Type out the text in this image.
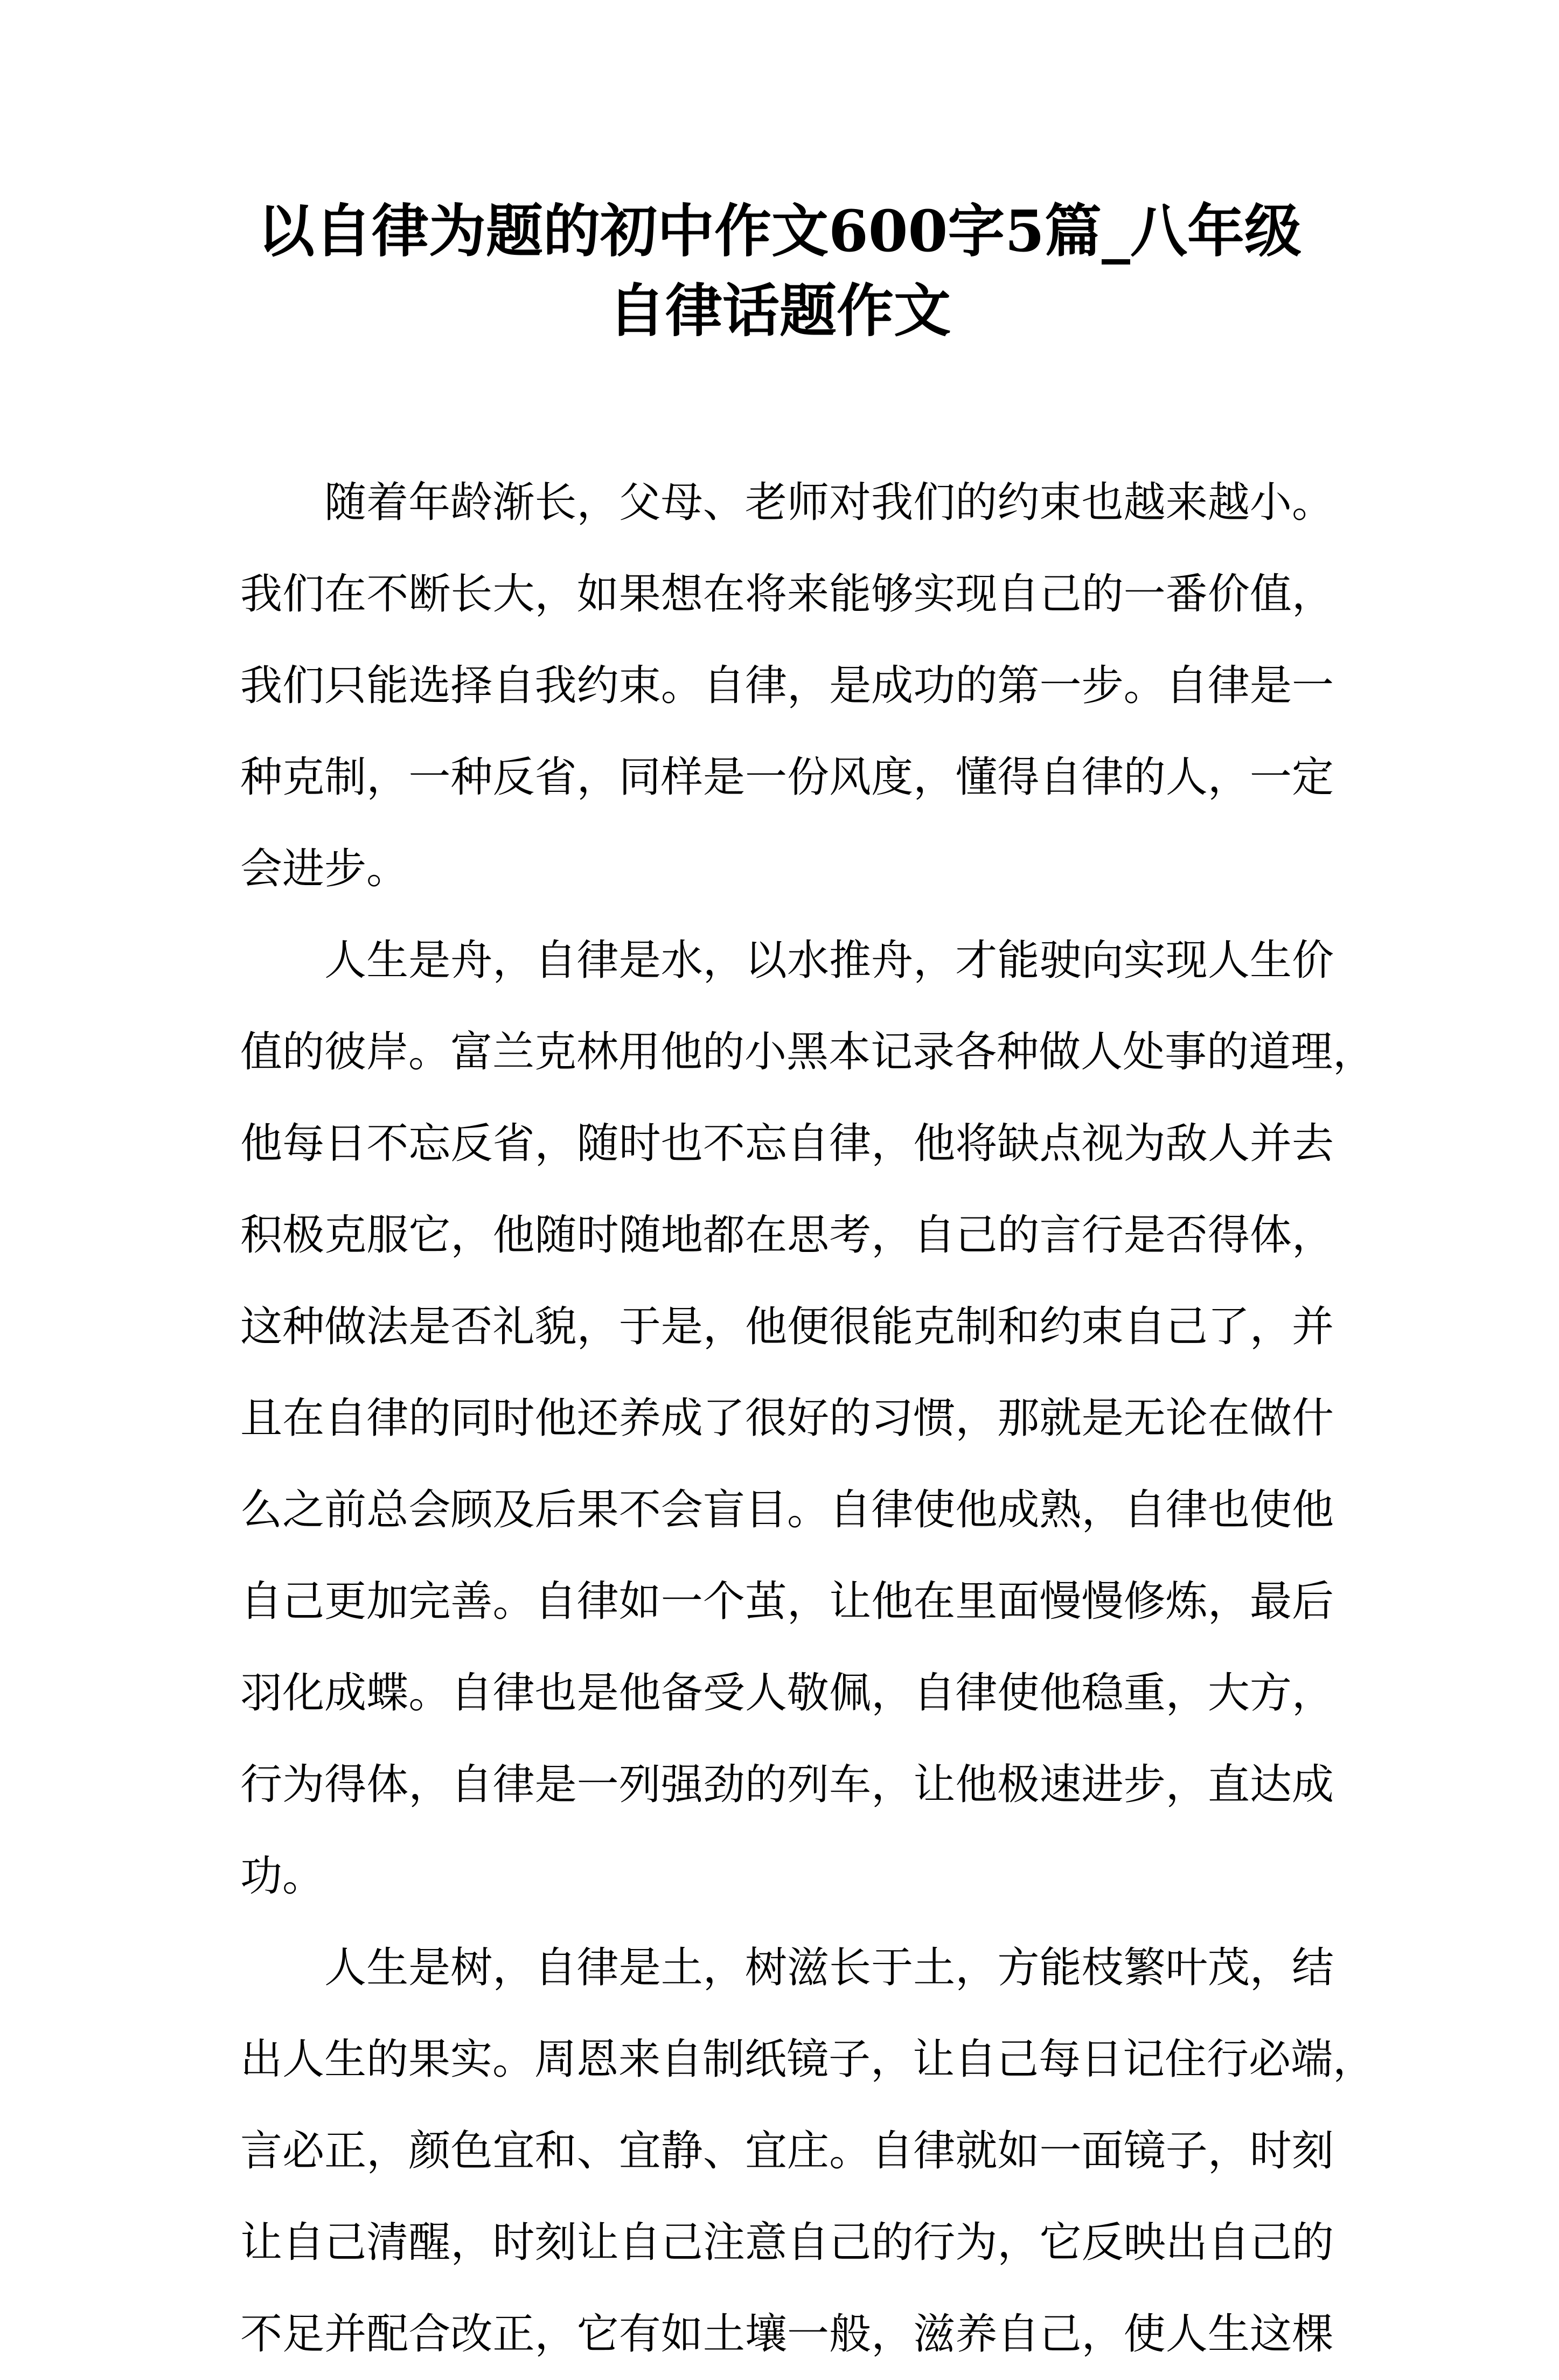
以自律为题的初中作文600字5篇_八年级
自律话题作文
随着年龄渐长，父母、老师对我们的约束也越来越小。
我们在不断长大，如果想在将来能够实现自己的一番价值，
我们只能选择自我约束。自律，是成功的第一步。自律是一
种克制，一种反省，同样是一份风度，懂得自律的人，一定
会进步。
人生是舟，自律是水，以水推舟，才能驶向实现人生价
值的彼岸。富兰克林用他的小黑本记录各种做人处事的道理，
他每日不忘反省，随时也不忘自律，他将缺点视为敌人并去
积极克服它，他随时随地都在思考，自己的言行是否得体，
这种做法是否礼貌，于是，他便很能克制和约束自己了，并
且在自律的同时他还养成了很好的习惯，那就是无论在做什
么之前总会顾及后果不会盲目。自律使他成熟，自律也使他
自己更加完善。自律如一个茧，让他在里面慢慢修炼，最后
羽化成蝶。自律也是他备受人敬佩，自律使他稳重，大方，
行为得体，自律是一列强劲的列车，让他极速进步，直达成
功。
人生是树，自律是土，树滋长于土，方能枝繁叶茂，结
出人生的果实。周恩来自制纸镜子，让自己每日记住行必端，
言必正，颜色宜和、宜静、宜庄。自律就如一面镜子，时刻
让自己清醒，时刻让自己注意自己的行为，它反映出自己的
不足并配合改正，它有如土壤一般，滋养自己，使人生这棵
